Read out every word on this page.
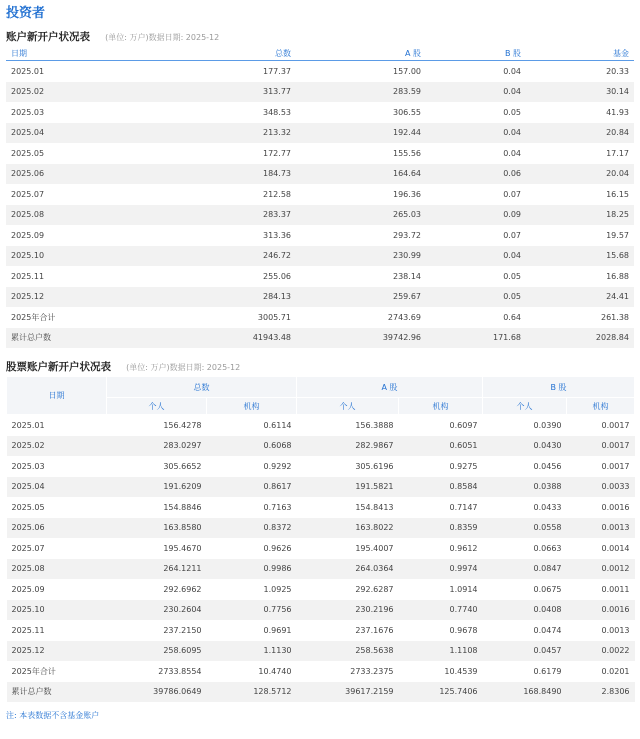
投资者
账户新开户状况表 (单位: 万户)数据日期: 2025-12
日期	总数	A 股	B 股	基金
2025.01	177.37	157.00	0.04	20.33
2025.02	313.77	283.59	0.04	30.14
2025.03	348.53	306.55	0.05	41.93
2025.04	213.32	192.44	0.04	20.84
2025.05	172.77	155.56	0.04	17.17
2025.06	184.73	164.64	0.06	20.04
2025.07	212.58	196.36	0.07	16.15
2025.08	283.37	265.03	0.09	18.25
2025.09	313.36	293.72	0.07	19.57
2025.10	246.72	230.99	0.04	15.68
2025.11	255.06	238.14	0.05	16.88
2025.12	284.13	259.67	0.05	24.41
2025年合计	3005.71	2743.69	0.64	261.38
累计总户数	41943.48	39742.96	171.68	2028.84
股票账户新开户状况表 (单位: 万户)数据日期: 2025-12
日期	总数		A 股		B 股	
	个人	机构	个人	机构	个人	机构
2025.01	156.4278	0.6114	156.3888	0.6097	0.0390	0.0017
2025.02	283.0297	0.6068	282.9867	0.6051	0.0430	0.0017
2025.03	305.6652	0.9292	305.6196	0.9275	0.0456	0.0017
2025.04	191.6209	0.8617	191.5821	0.8584	0.0388	0.0033
2025.05	154.8846	0.7163	154.8413	0.7147	0.0433	0.0016
2025.06	163.8580	0.8372	163.8022	0.8359	0.0558	0.0013
2025.07	195.4670	0.9626	195.4007	0.9612	0.0663	0.0014
2025.08	264.1211	0.9986	264.0364	0.9974	0.0847	0.0012
2025.09	292.6962	1.0925	292.6287	1.0914	0.0675	0.0011
2025.10	230.2604	0.7756	230.2196	0.7740	0.0408	0.0016
2025.11	237.2150	0.9691	237.1676	0.9678	0.0474	0.0013
2025.12	258.6095	1.1130	258.5638	1.1108	0.0457	0.0022
2025年合计	2733.8554	10.4740	2733.2375	10.4539	0.6179	0.0201
累计总户数	39786.0649	128.5712	39617.2159	125.7406	168.8490	2.8306
注: 本表数据不含基金账户
